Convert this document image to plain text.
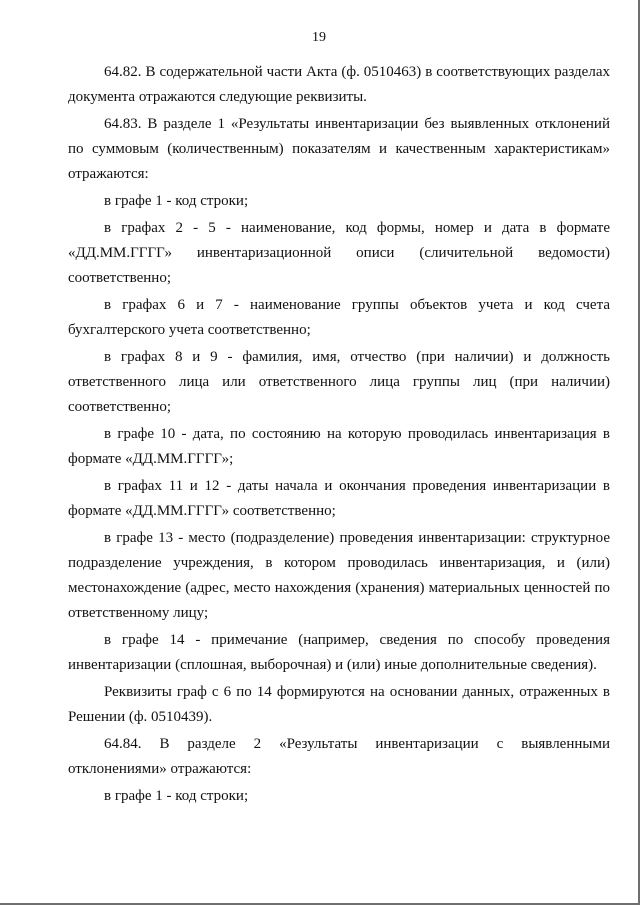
19

64.82. В содержательной части Акта (ф. 0510463) в соответствующих разделах документа отражаются следующие реквизиты.

64.83. В разделе 1 «Результаты инвентаризации без выявленных отклонений по суммовым (количественным) показателям и качественным характеристикам» отражаются:

в графе 1 - код строки;

в графах 2 - 5 - наименование, код формы, номер и дата в формате «ДД.ММ.ГГГГ» инвентаризационной описи (сличительной ведомости) соответственно;

в графах 6 и 7 - наименование группы объектов учета и код счета бухгалтерского учета соответственно;

в графах 8 и 9 - фамилия, имя, отчество (при наличии) и должность ответственного лица или ответственного лица группы лиц (при наличии) соответственно;

в графе 10 - дата, по состоянию на которую проводилась инвентаризация в формате «ДД.ММ.ГГГГ»;

в графах 11 и 12 - даты начала и окончания проведения инвентаризации в формате «ДД.ММ.ГГГГ» соответственно;

в графе 13 - место (подразделение) проведения инвентаризации: структурное подразделение учреждения, в котором проводилась инвентаризация, и (или) местонахождение (адрес, место нахождения (хранения) материальных ценностей по ответственному лицу;

в графе 14 - примечание (например, сведения по способу проведения инвентаризации (сплошная, выборочная) и (или) иные дополнительные сведения).

Реквизиты граф с 6 по 14 формируются на основании данных, отраженных в Решении (ф. 0510439).

64.84. В разделе 2 «Результаты инвентаризации с выявленными отклонениями» отражаются:

в графе 1 - код строки;
